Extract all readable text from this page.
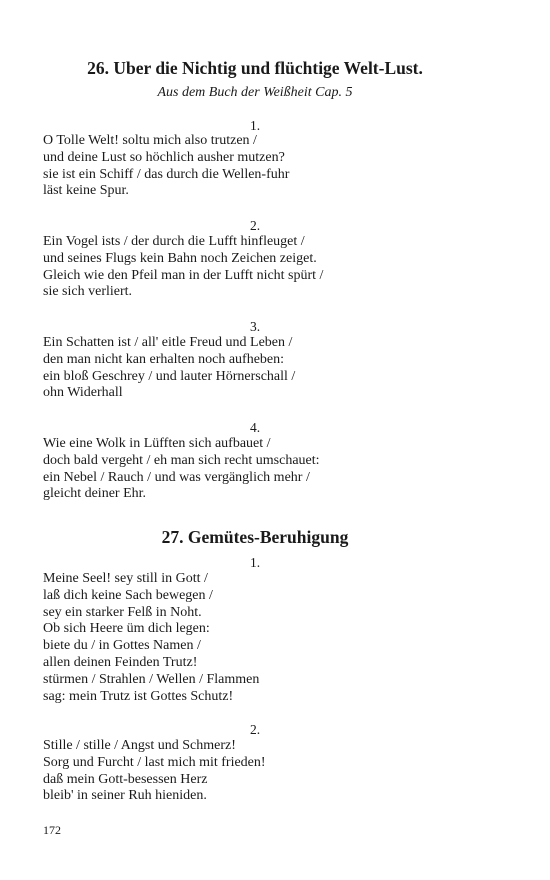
26. Uber die Nichtig und flüchtige Welt-Lust.
Aus dem Buch der Weißheit Cap. 5
1.
O Tolle Welt! soltu mich also trutzen /
und deine Lust so höchlich ausher mutzen?
sie ist ein Schiff / das durch die Wellen-fuhr
läst keine Spur.
2.
Ein Vogel ists / der durch die Lufft hinfleuget /
und seines Flugs kein Bahn noch Zeichen zeiget.
Gleich wie den Pfeil man in der Lufft nicht spürt /
sie sich verliert.
3.
Ein Schatten ist / all' eitle Freud und Leben /
den man nicht kan erhalten noch aufheben:
ein bloß Geschrey / und lauter Hörnerschall /
ohn Widerhall
4.
Wie eine Wolk in Lüfften sich aufbauet /
doch bald vergeht / eh man sich recht umschauet:
ein Nebel / Rauch / und was vergänglich mehr /
gleicht deiner Ehr.
27. Gemütes-Beruhigung
1.
Meine Seel! sey still in Gott /
laß dich keine Sach bewegen /
sey ein starker Felß in Noht.
Ob sich Heere üm dich legen:
biete du / in Gottes Namen /
allen deinen Feinden Trutz!
stürmen / Strahlen / Wellen / Flammen
sag: mein Trutz ist Gottes Schutz!
2.
Stille / stille / Angst und Schmerz!
Sorg und Furcht / last mich mit frieden!
daß mein Gott-besessen Herz
bleib' in seiner Ruh hieniden.
172
